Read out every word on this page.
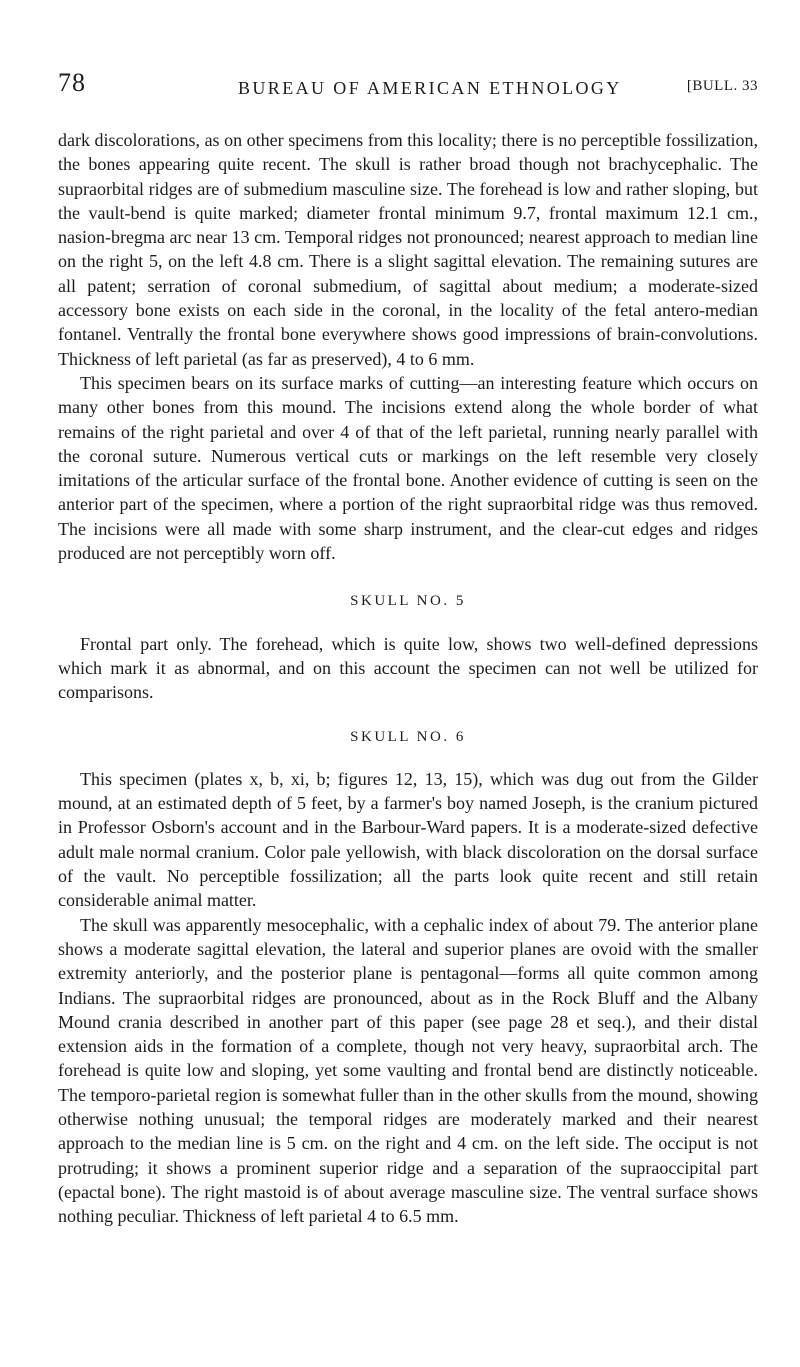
78	BUREAU OF AMERICAN ETHNOLOGY	[BULL. 33

dark discolorations, as on other specimens from this locality; there is no perceptible fossilization, the bones appearing quite recent. The skull is rather broad though not brachycephalic. The supraorbital ridges are of submedium masculine size. The forehead is low and rather sloping, but the vault-bend is quite marked; diameter frontal minimum 9.7, frontal maximum 12.1 cm., nasion-bregma arc near 13 cm. Temporal ridges not pronounced; nearest approach to median line on the right 5, on the left 4.8 cm. There is a slight sagittal elevation. The remaining sutures are all patent; serration of coronal submedium, of sagittal about medium; a moderate-sized accessory bone exists on each side in the coronal, in the locality of the fetal antero-median fontanel. Ventrally the frontal bone everywhere shows good impressions of brain-convolutions. Thickness of left parietal (as far as preserved), 4 to 6 mm.

This specimen bears on its surface marks of cutting—an interesting feature which occurs on many other bones from this mound. The incisions extend along the whole border of what remains of the right parietal and over 4 of that of the left parietal, running nearly parallel with the coronal suture. Numerous vertical cuts or markings on the left resemble very closely imitations of the articular surface of the frontal bone. Another evidence of cutting is seen on the anterior part of the specimen, where a portion of the right supraorbital ridge was thus removed. The incisions were all made with some sharp instrument, and the clear-cut edges and ridges produced are not perceptibly worn off.

SKULL NO. 5

Frontal part only. The forehead, which is quite low, shows two well-defined depressions which mark it as abnormal, and on this account the specimen can not well be utilized for comparisons.

SKULL NO. 6

This specimen (plates x, b, xi, b; figures 12, 13, 15), which was dug out from the Gilder mound, at an estimated depth of 5 feet, by a farmer's boy named Joseph, is the cranium pictured in Professor Osborn's account and in the Barbour-Ward papers. It is a moderate-sized defective adult male normal cranium. Color pale yellowish, with black discoloration on the dorsal surface of the vault. No perceptible fossilization; all the parts look quite recent and still retain considerable animal matter.

The skull was apparently mesocephalic, with a cephalic index of about 79. The anterior plane shows a moderate sagittal elevation, the lateral and superior planes are ovoid with the smaller extremity anteriorly, and the posterior plane is pentagonal—forms all quite common among Indians. The supraorbital ridges are pronounced, about as in the Rock Bluff and the Albany Mound crania described in another part of this paper (see page 28 et seq.), and their distal extension aids in the formation of a complete, though not very heavy, supraorbital arch. The forehead is quite low and sloping, yet some vaulting and frontal bend are distinctly noticeable. The temporo-parietal region is somewhat fuller than in the other skulls from the mound, showing otherwise nothing unusual; the temporal ridges are moderately marked and their nearest approach to the median line is 5 cm. on the right and 4 cm. on the left side. The occiput is not protruding; it shows a prominent superior ridge and a separation of the supraoccipital part (epactal bone). The right mastoid is of about average masculine size. The ventral surface shows nothing peculiar. Thickness of left parietal 4 to 6.5 mm.
